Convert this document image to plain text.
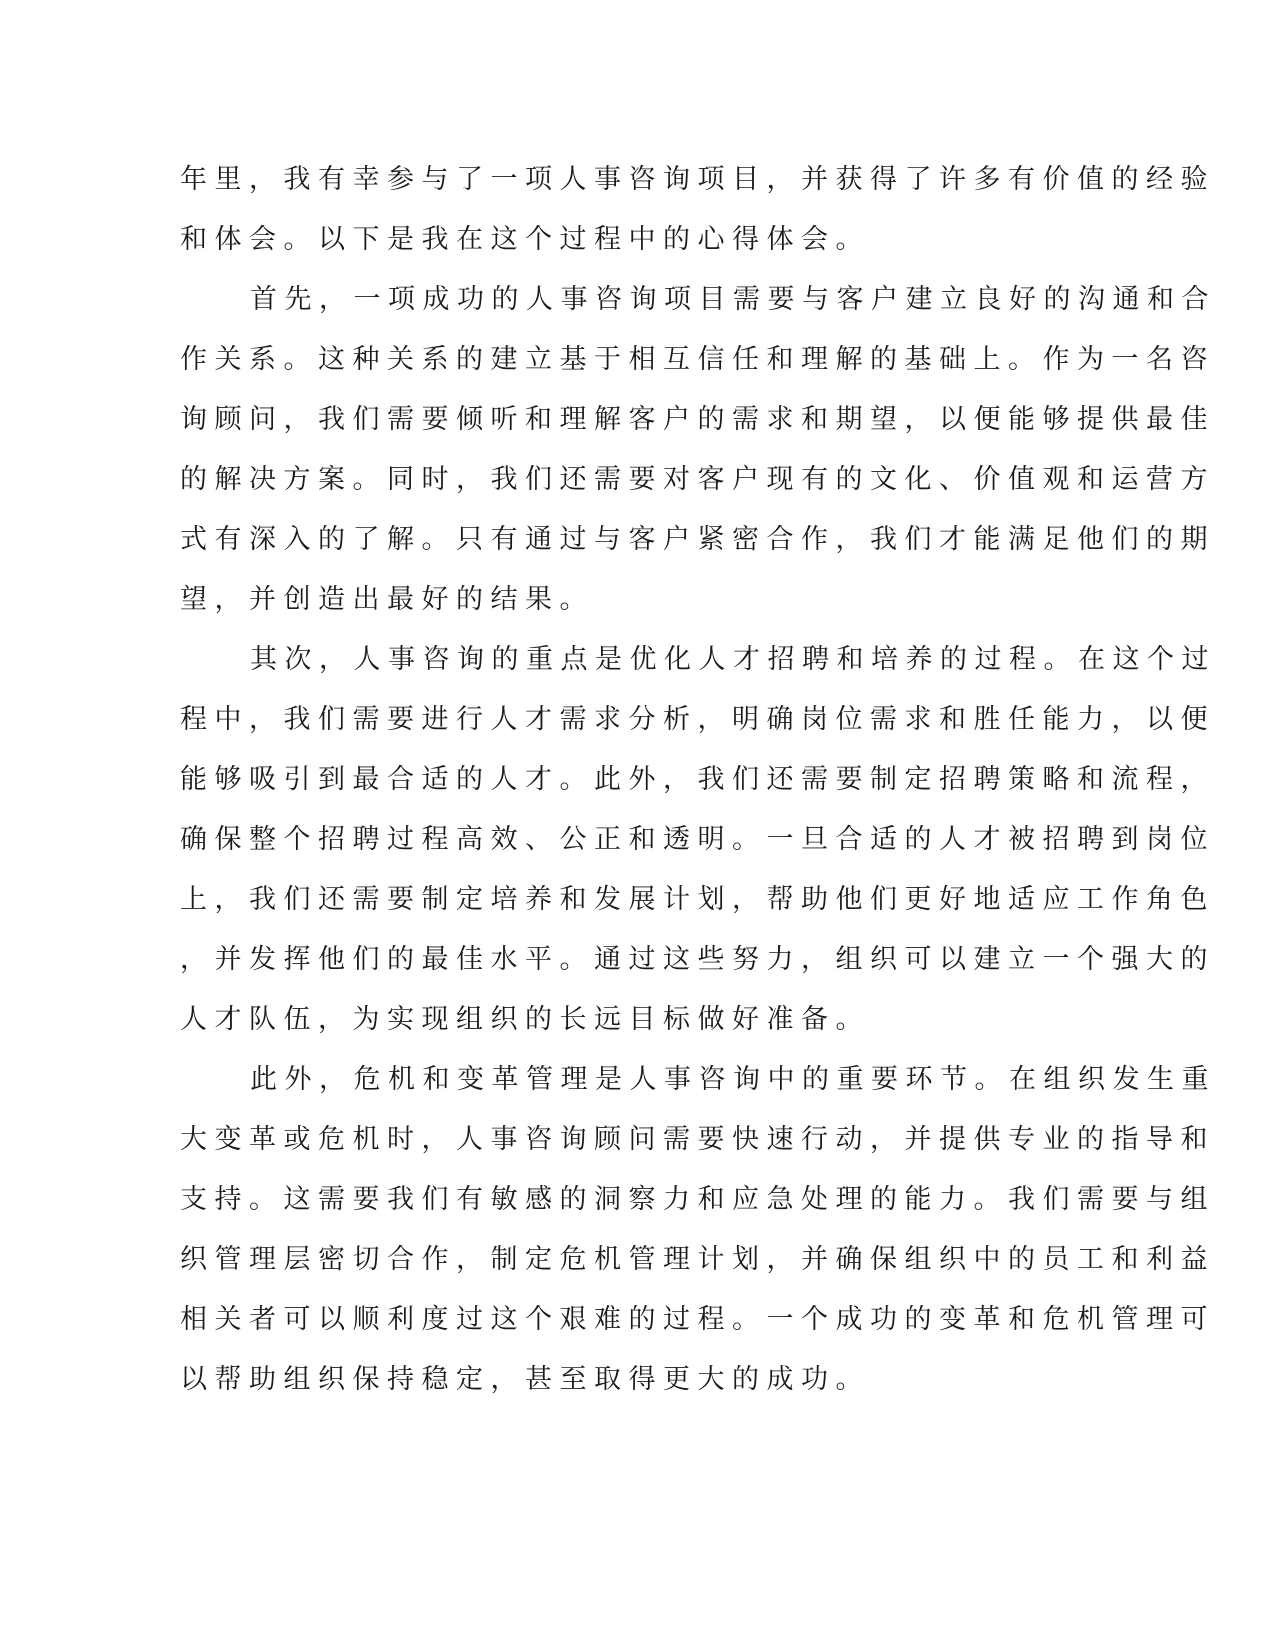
年里，我有幸参与了一项人事咨询项目，并获得了许多有价值的经验
和体会。以下是我在这个过程中的心得体会。
首先，一项成功的人事咨询项目需要与客户建立良好的沟通和合
作关系。这种关系的建立基于相互信任和理解的基础上。作为一名咨
询顾问，我们需要倾听和理解客户的需求和期望，以便能够提供最佳
的解决方案。同时，我们还需要对客户现有的文化、价值观和运营方
式有深入的了解。只有通过与客户紧密合作，我们才能满足他们的期
望，并创造出最好的结果。
其次，人事咨询的重点是优化人才招聘和培养的过程。在这个过
程中，我们需要进行人才需求分析，明确岗位需求和胜任能力，以便
能够吸引到最合适的人才。此外，我们还需要制定招聘策略和流程，
确保整个招聘过程高效、公正和透明。一旦合适的人才被招聘到岗位
上，我们还需要制定培养和发展计划，帮助他们更好地适应工作角色
，并发挥他们的最佳水平。通过这些努力，组织可以建立一个强大的
人才队伍，为实现组织的长远目标做好准备。
此外，危机和变革管理是人事咨询中的重要环节。在组织发生重
大变革或危机时，人事咨询顾问需要快速行动，并提供专业的指导和
支持。这需要我们有敏感的洞察力和应急处理的能力。我们需要与组
织管理层密切合作，制定危机管理计划，并确保组织中的员工和利益
相关者可以顺利度过这个艰难的过程。一个成功的变革和危机管理可
以帮助组织保持稳定，甚至取得更大的成功。
